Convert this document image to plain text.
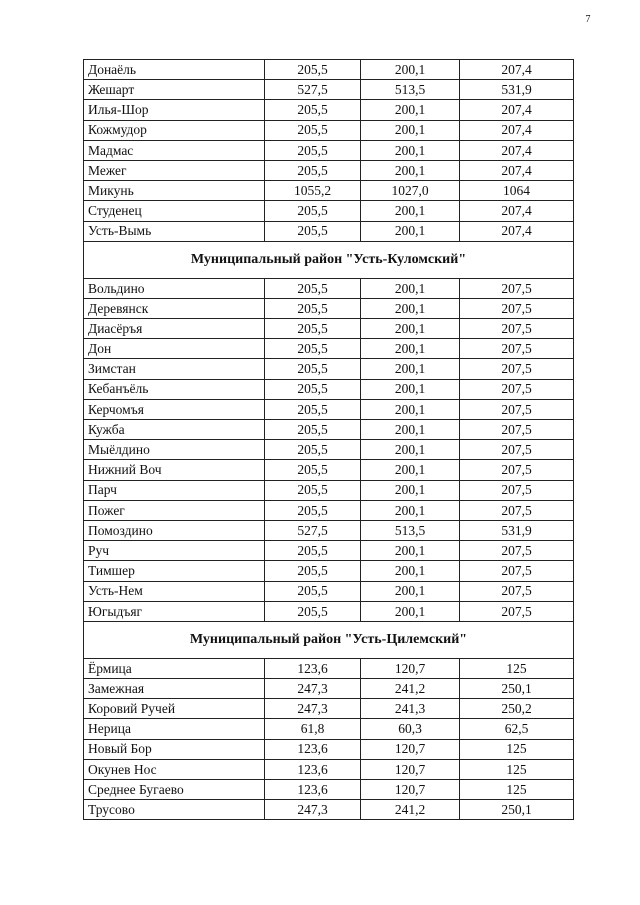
7
Донаёль	205,5	200,1	207,4
Жешарт	527,5	513,5	531,9
Илья-Шор	205,5	200,1	207,4
Кожмудор	205,5	200,1	207,4
Мадмас	205,5	200,1	207,4
Межег	205,5	200,1	207,4
Микунь	1055,2	1027,0	1064
Студенец	205,5	200,1	207,4
Усть-Вымь	205,5	200,1	207,4
Муниципальный район "Усть-Куломский"			
Вольдино	205,5	200,1	207,5
Деревянск	205,5	200,1	207,5
Диасёръя	205,5	200,1	207,5
Дон	205,5	200,1	207,5
Зимстан	205,5	200,1	207,5
Кебанъёль	205,5	200,1	207,5
Керчомъя	205,5	200,1	207,5
Кужба	205,5	200,1	207,5
Мыёлдино	205,5	200,1	207,5
Нижний Воч	205,5	200,1	207,5
Парч	205,5	200,1	207,5
Пожег	205,5	200,1	207,5
Помоздино	527,5	513,5	531,9
Руч	205,5	200,1	207,5
Тимшер	205,5	200,1	207,5
Усть-Нем	205,5	200,1	207,5
Югыдъяг	205,5	200,1	207,5
Муниципальный район "Усть-Цилемский"			
Ёрмица	123,6	120,7	125
Замежная	247,3	241,2	250,1
Коровий Ручей	247,3	241,3	250,2
Нерица	61,8	60,3	62,5
Новый Бор	123,6	120,7	125
Окунев Нос	123,6	120,7	125
Среднее Бугаево	123,6	120,7	125
Трусово	247,3	241,2	250,1
